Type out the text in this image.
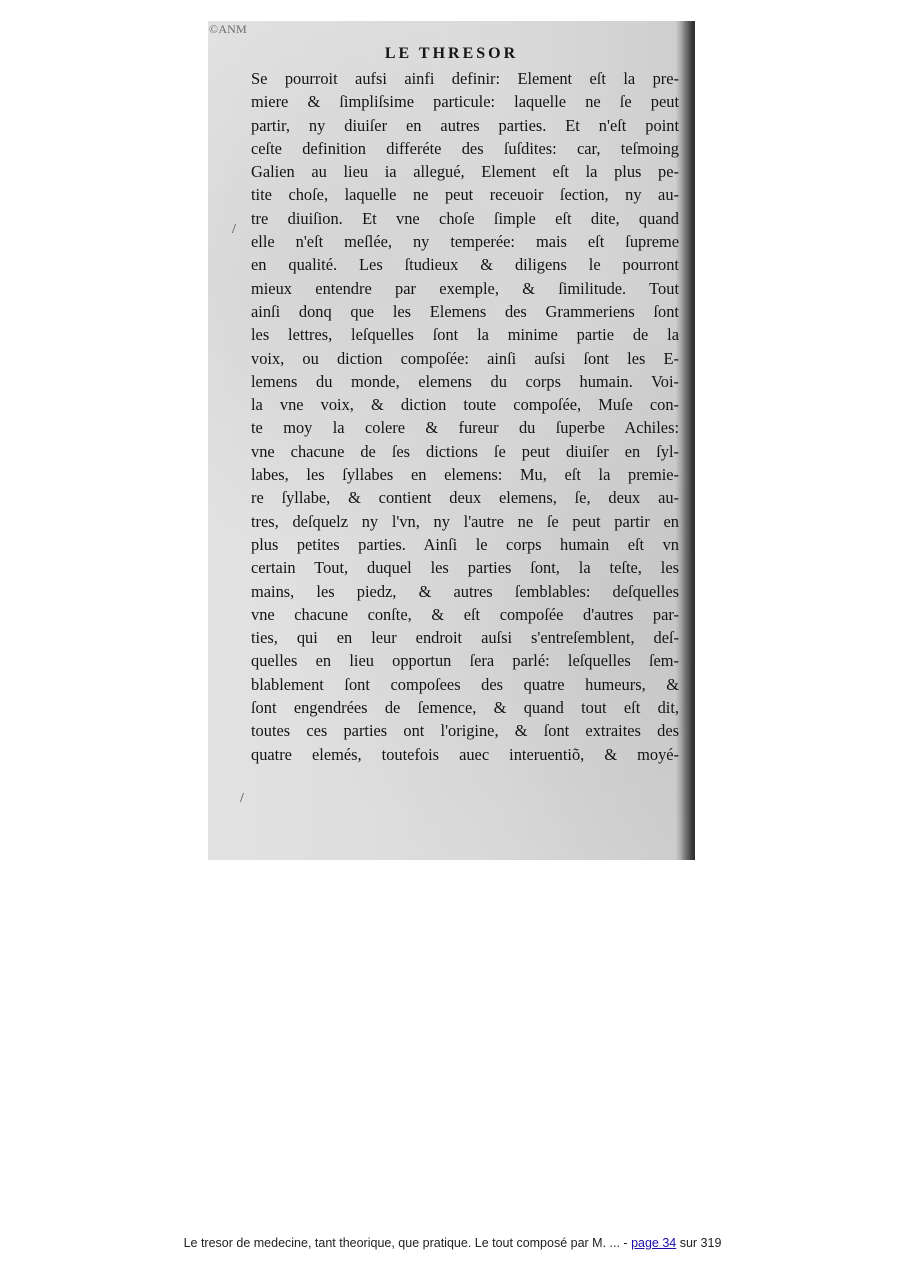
©ANM
LE THRESOR
Se pourroit aufsi ainfi definir: Element eſt la pre-
miere & ſimpliſsime particule: laquelle ne ſe peut
partir, ny diuiſer en autres parties. Et n'eſt point
ceſte definition differéte des ſuſdites: car, teſmoing
Galien au lieu ia allegué, Element eſt la plus pe-
tite choſe, laquelle ne peut receuoir ſection, ny au-
tre diuiſion. Et vne choſe ſimple eſt dite, quand
elle n'eſt meſlée, ny temperée: mais eſt ſupreme
en qualité. Les ſtudieux & diligens le pourront
mieux entendre par exemple, & ſimilitude. Tout
ainſi donq que les Elemens des Grammeriens ſont
les lettres, leſquelles ſont la minime partie de la
voix, ou diction compoſée: ainſi auſsi ſont les E-
lemens du monde, elemens du corps humain. Voi-
la vne voix, & diction toute compoſée, Muſe con-
te moy la colere & fureur du ſuperbe Achiles:
vne chacune de ſes dictions ſe peut diuiſer en ſyl-
labes, les ſyllabes en elemens: Mu, eſt la premie-
re ſyllabe, & contient deux elemens, ſe, deux au-
tres, deſquelz ny l'vn, ny l'autre ne ſe peut partir en
plus petites parties. Ainſi le corps humain eſt vn
certain Tout, duquel les parties ſont, la teſte, les
mains, les piedz, & autres ſemblables: deſquelles
vne chacune conſte, & eſt compoſée d'autres par-
ties, qui en leur endroit auſsi s'entreſemblent, deſ-
quelles en lieu opportun ſera parlé: leſquelles ſem-
blablement ſont compoſees des quatre humeurs, &
ſont engendrées de ſemence, & quand tout eſt dit,
toutes ces parties ont l'origine, & ſont extraites des
quatre elemés, toutefois auec interuentiõ, & moyé-
/
/
Le tresor de medecine, tant theorique, que pratique. Le tout composé par M. ... - page 34 sur 319
